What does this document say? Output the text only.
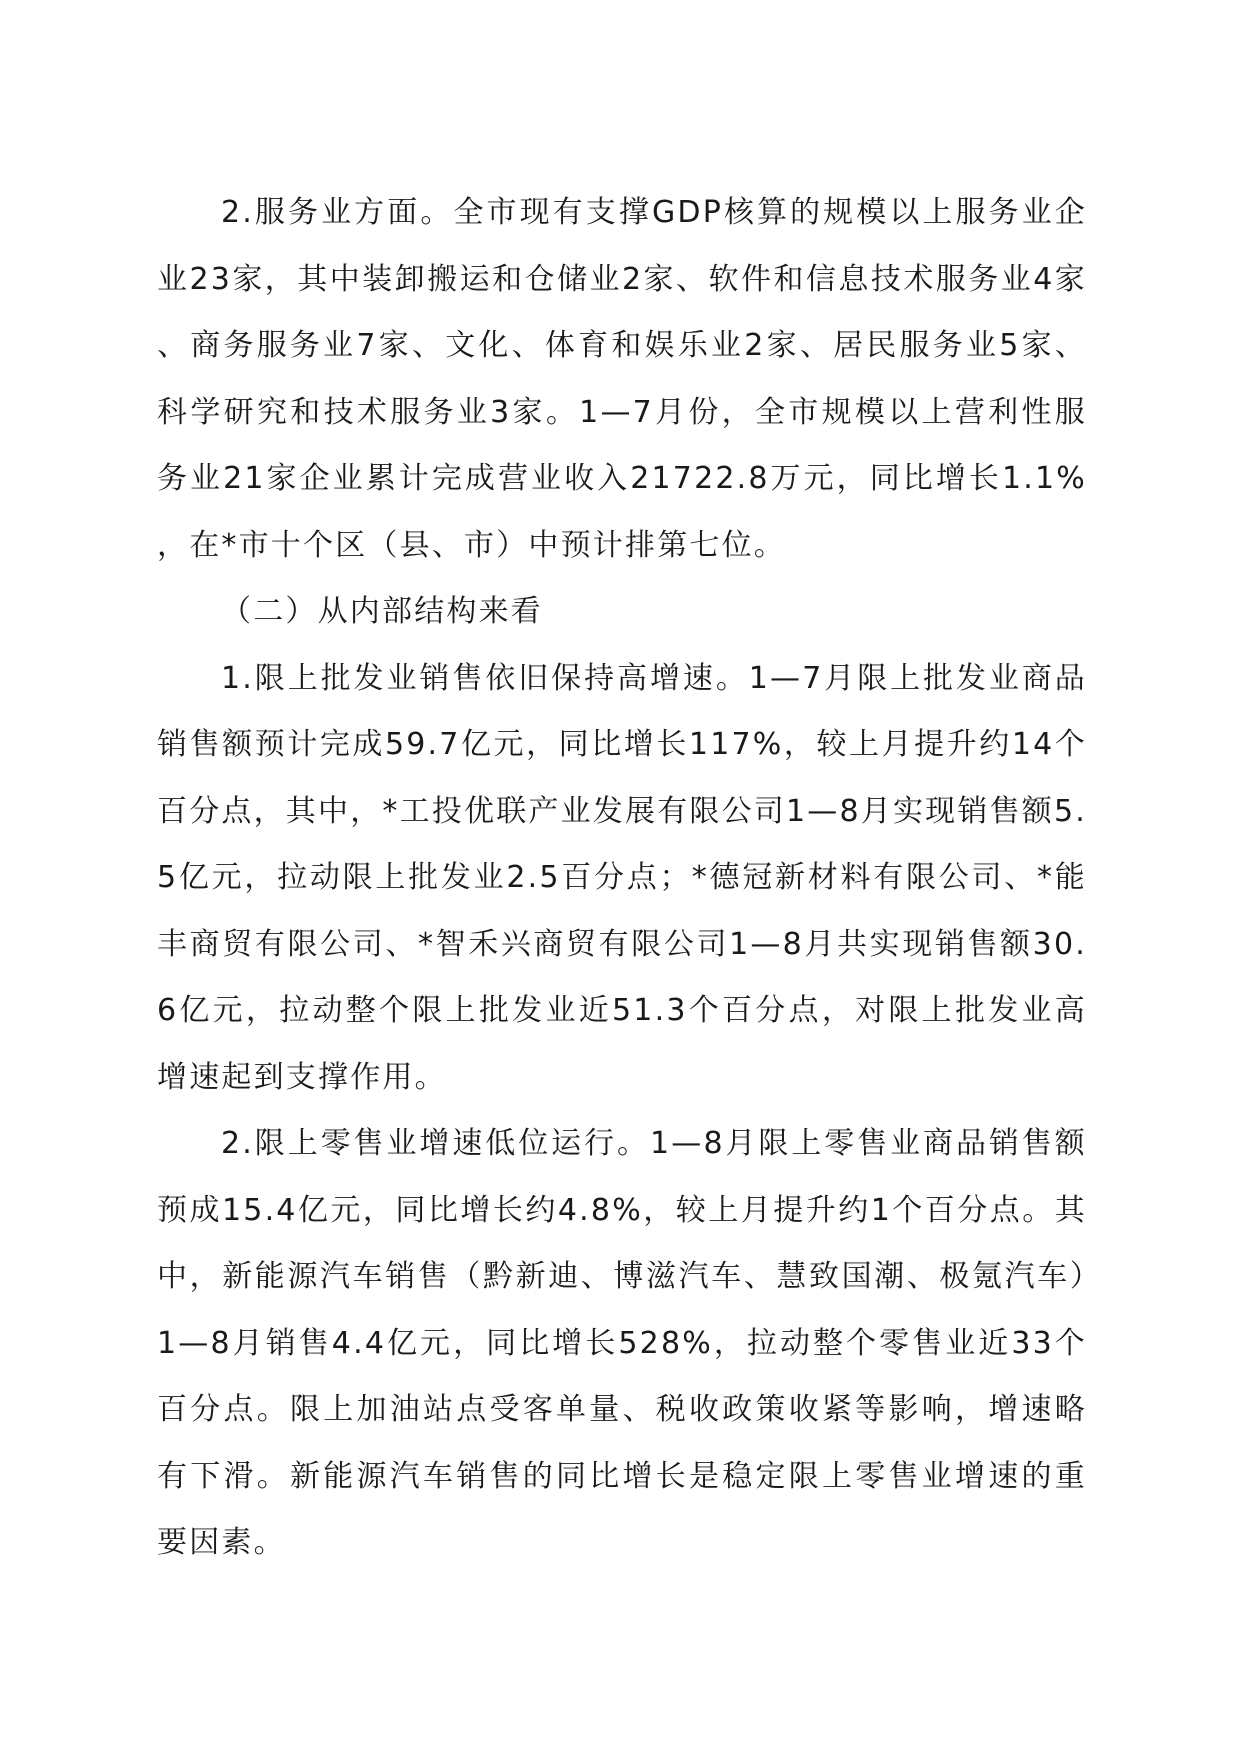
2.服务业方面。全市现有支撑GDP核算的规模以上服务业企业23家，其中装卸搬运和仓储业2家、软件和信息技术服务业4家、商务服务业7家、文化、体育和娱乐业2家、居民服务业5家、科学研究和技术服务业3家。1—7月份，全市规模以上营利性服务业21家企业累计完成营业收入21722.8万元，同比增长1.1%，在*市十个区（县、市）中预计排第七位。

（二）从内部结构来看

1.限上批发业销售依旧保持高增速。1—7月限上批发业商品销售额预计完成59.7亿元，同比增长117%，较上月提升约14个百分点，其中，*工投优联产业发展有限公司1—8月实现销售额5.5亿元，拉动限上批发业2.5百分点；*德冠新材料有限公司、*能丰商贸有限公司、*智禾兴商贸有限公司1—8月共实现销售额30.6亿元，拉动整个限上批发业近51.3个百分点，对限上批发业高增速起到支撑作用。

2.限上零售业增速低位运行。1—8月限上零售业商品销售额预成15.4亿元，同比增长约4.8%，较上月提升约1个百分点。其中，新能源汽车销售（黔新迪、博滋汽车、慧致国潮、极氪汽车）1—8月销售4.4亿元，同比增长528%，拉动整个零售业近33个百分点。限上加油站点受客单量、税收政策收紧等影响，增速略有下滑。新能源汽车销售的同比增长是稳定限上零售业增速的重要因素。
